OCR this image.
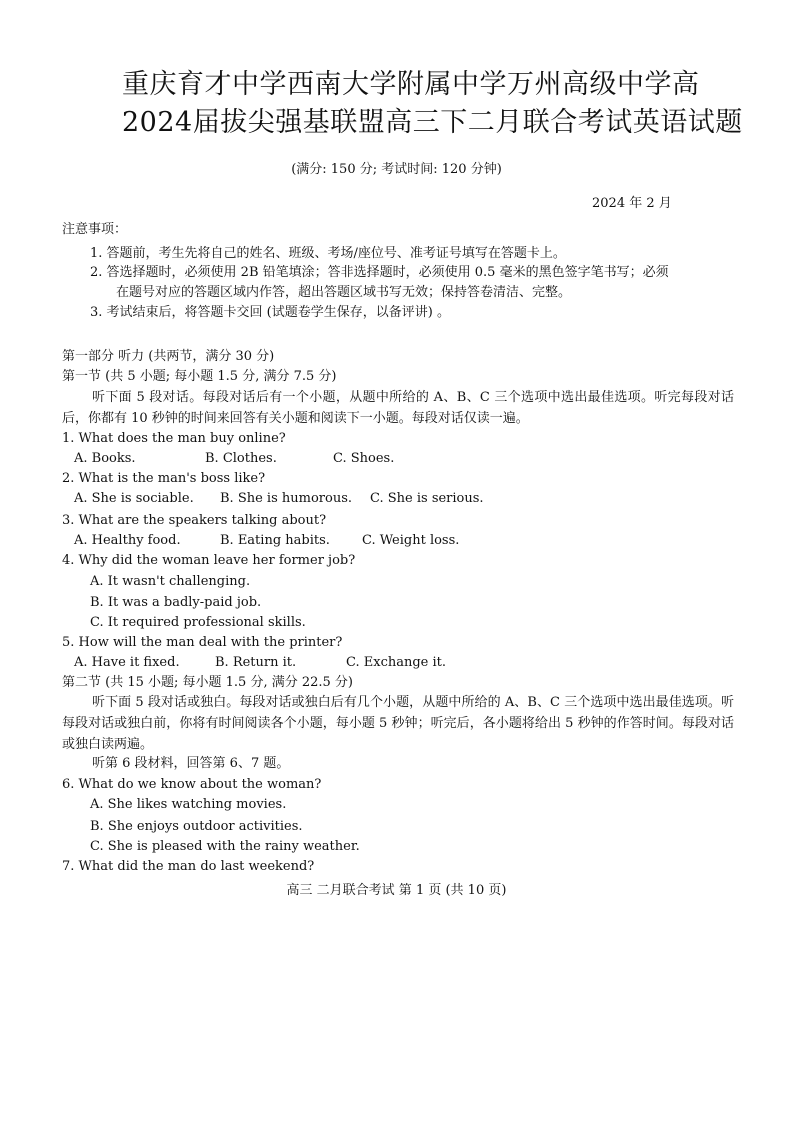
重庆育才中学西南大学附属中学万州高级中学高2024届拔尖强基联盟高三下二月联合考试英语试题
(满分: 150 分; 考试时间: 120 分钟)
2024 年 2 月
注意事项：
1. 答题前，考生先将自己的姓名、班级、考场/座位号、准考证号填写在答题卡上。
2. 答选择题时，必须使用 2B 铅笔填涂；答非选择题时，必须使用 0.5 毫米的黑色签字笔书写；必须
在题号对应的答题区域内作答，超出答题区域书写无效；保持答卷清洁、完整。
3. 考试结束后，将答题卡交回 (试题卷学生保存，以备评讲) 。
第一部分 听力 (共两节，满分 30 分)
第一节 (共 5 小题; 每小题 1.5 分, 满分 7.5 分)
听下面 5 段对话。每段对话后有一个小题，从题中所给的 A、B、C 三个选项中选出最佳选项。听完每段对话后，你都有 10 秒钟的时间来回答有关小题和阅读下一小题。每段对话仅读一遍。
1. What does the man buy online?
A. Books.	B. Clothes.	C. Shoes.
2. What is the man's boss like?
A. She is sociable. B. She is humorous. C. She is serious.
3. What are the speakers talking about?
A. Healthy food.	B. Eating habits. C. Weight loss.
4. Why did the woman leave her former job?
A. It wasn't challenging.
B. It was a badly-paid job.
C. It required professional skills.
5. How will the man deal with the printer?
A. Have it fixed.	B. Return it.	C. Exchange it.
第二节 (共 15 小题; 每小题 1.5 分, 满分 22.5 分)
听下面 5 段对话或独白。每段对话或独白后有几个小题，从题中所给的 A、B、C 三个选项中选出最佳选项。听每段对话或独白前，你将有时间阅读各个小题，每小题 5 秒钟；听完后，各小题将给出 5 秒钟的作答时间。每段对话或独白读两遍。
听第 6 段材料，回答第 6、7 题。
6. What do we know about the woman?
A. She likes watching movies.
B. She enjoys outdoor activities.
C. She is pleased with the rainy weather.
7. What did the man do last weekend?
高三 二月联合考试 第 1 页 (共 10 页)
